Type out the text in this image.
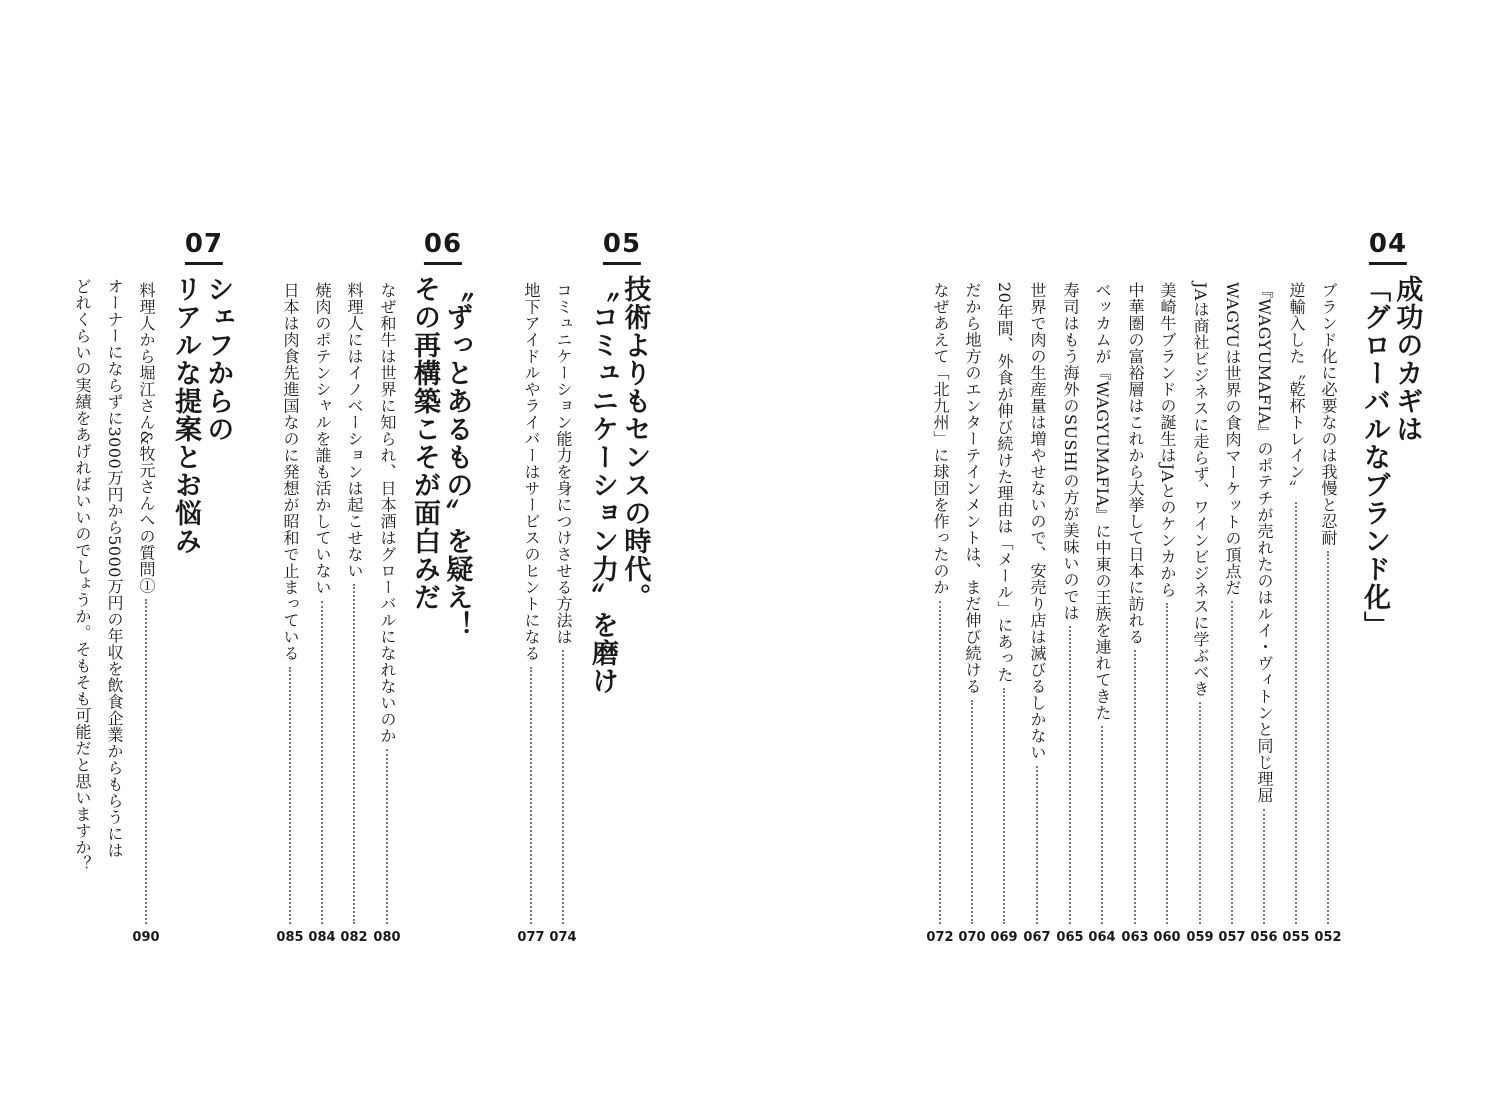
04
成功のカギは
「グローバルなブランド化」
ブランド化に必要なのは我慢と忍耐
逆輸入した〝乾杯トレイン〟
『WAGYUMAFIA』のポテチが売れたのはルイ・ヴィトンと同じ理屈
WAGYUは世界の食肉マーケットの頂点だ
JAは商社ビジネスに走らず、ワインビジネスに学ぶべき
美崎牛ブランドの誕生はJAとのケンカから
中華圏の富裕層はこれから大挙して日本に訪れる
ベッカムが『WAGYUMAFIA』に中東の王族を連れてきた
寿司はもう海外のSUSHIの方が美味いのでは
世界で肉の生産量は増やせないので、安売り店は滅びるしかない
20年間、外食が伸び続けた理由は「メール」にあった
だから地方のエンターテインメントは、まだ伸び続ける
なぜあえて「北九州」に球団を作ったのか
052
055
056
057
059
060
063
064
065
067
069
070
072
05
技術よりもセンスの時代。
〝コミュニケーション力〟を磨け
コミュニケーション能力を身につけさせる方法は
地下アイドルやライバーはサービスのヒントになる
074
077
06
〝ずっとあるもの〟を疑え！
その再構築こそが面白みだ
なぜ和牛は世界に知られ、日本酒はグローバルになれないのか
料理人にはイノベーションは起こせない
焼肉のポテンシャルを誰も活かしていない
日本は肉食先進国なのに発想が昭和で止まっている
080
082
084
085
07
シェフからの
リアルな提案とお悩み
料理人から堀江さん&牧元さんへの質問①
090
オーナーにならずに3000万円から5000万円の年収を飲食企業からもらうには
どれくらいの実績をあげればいいのでしょうか。そもそも可能だと思いますか？
